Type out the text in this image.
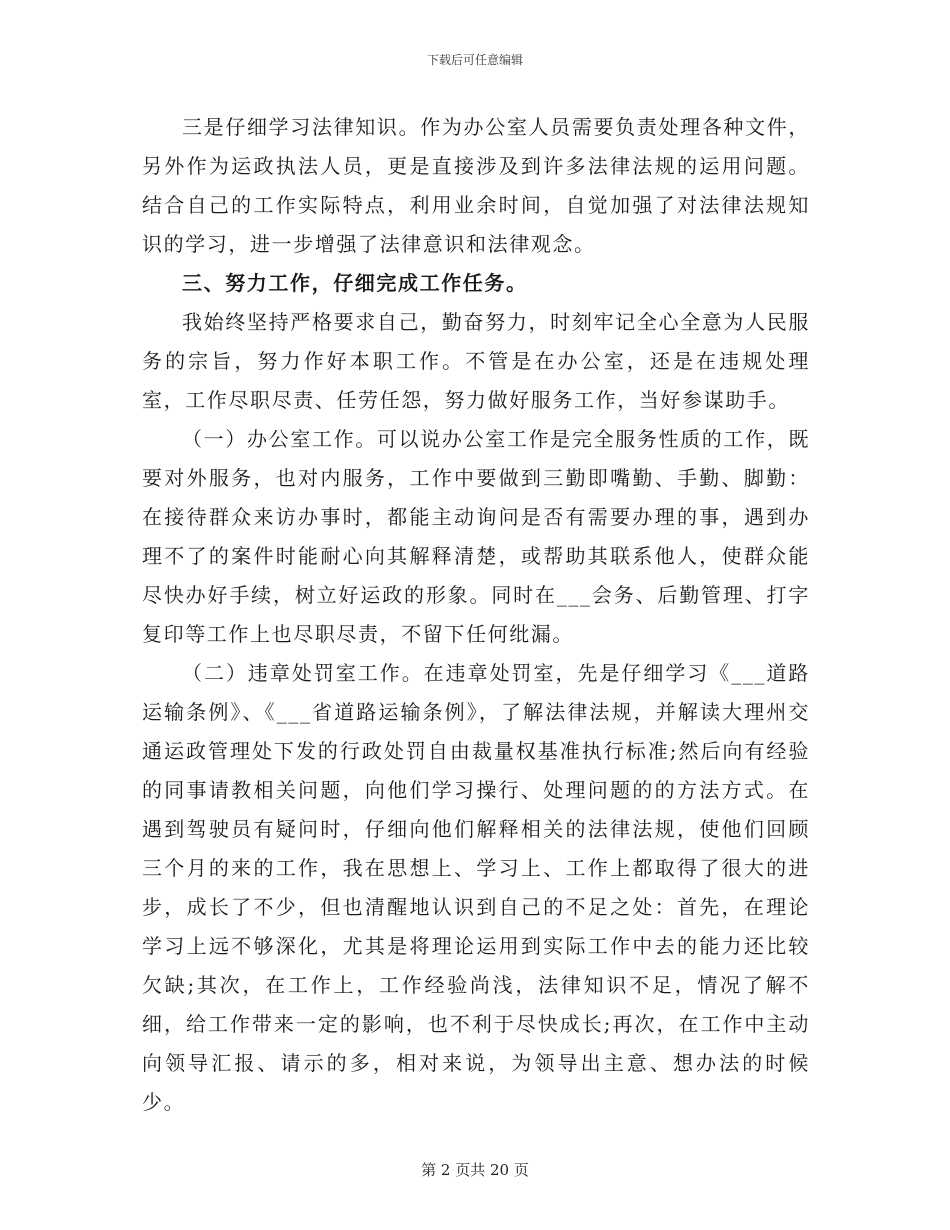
下载后可任意编辑

三是仔细学习法律知识。作为办公室人员需要负责处理各种文件，另外作为运政执法人员，更是直接涉及到许多法律法规的运用问题。结合自己的工作实际特点，利用业余时间，自觉加强了对法律法规知识的学习，进一步增强了法律意识和法律观念。

三、努力工作，仔细完成工作任务。

我始终坚持严格要求自己，勤奋努力，时刻牢记全心全意为人民服务的宗旨，努力作好本职工作。不管是在办公室，还是在违规处理室，工作尽职尽责、任劳任怨，努力做好服务工作，当好参谋助手。

（一）办公室工作。可以说办公室工作是完全服务性质的工作，既要对外服务，也对内服务，工作中要做到三勤即嘴勤、手勤、脚勤：在接待群众来访办事时，都能主动询问是否有需要办理的事，遇到办理不了的案件时能耐心向其解释清楚，或帮助其联系他人，使群众能尽快办好手续，树立好运政的形象。同时在___会务、后勤管理、打字复印等工作上也尽职尽责，不留下任何纰漏。

（二）违章处罚室工作。在违章处罚室，先是仔细学习《___道路运输条例》、《___省道路运输条例》，了解法律法规，并解读大理州交通运政管理处下发的行政处罚自由裁量权基准执行标准;然后向有经验的同事请教相关问题，向他们学习操行、处理问题的的方法方式。在遇到驾驶员有疑问时，仔细向他们解释相关的法律法规，使他们回顾三个月的来的工作，我在思想上、学习上、工作上都取得了很大的进步，成长了不少，但也清醒地认识到自己的不足之处：首先，在理论学习上远不够深化，尤其是将理论运用到实际工作中去的能力还比较欠缺;其次，在工作上，工作经验尚浅，法律知识不足，情况了解不细，给工作带来一定的影响，也不利于尽快成长;再次，在工作中主动向领导汇报、请示的多，相对来说，为领导出主意、想办法的时候少。

第 2 页共 20 页
